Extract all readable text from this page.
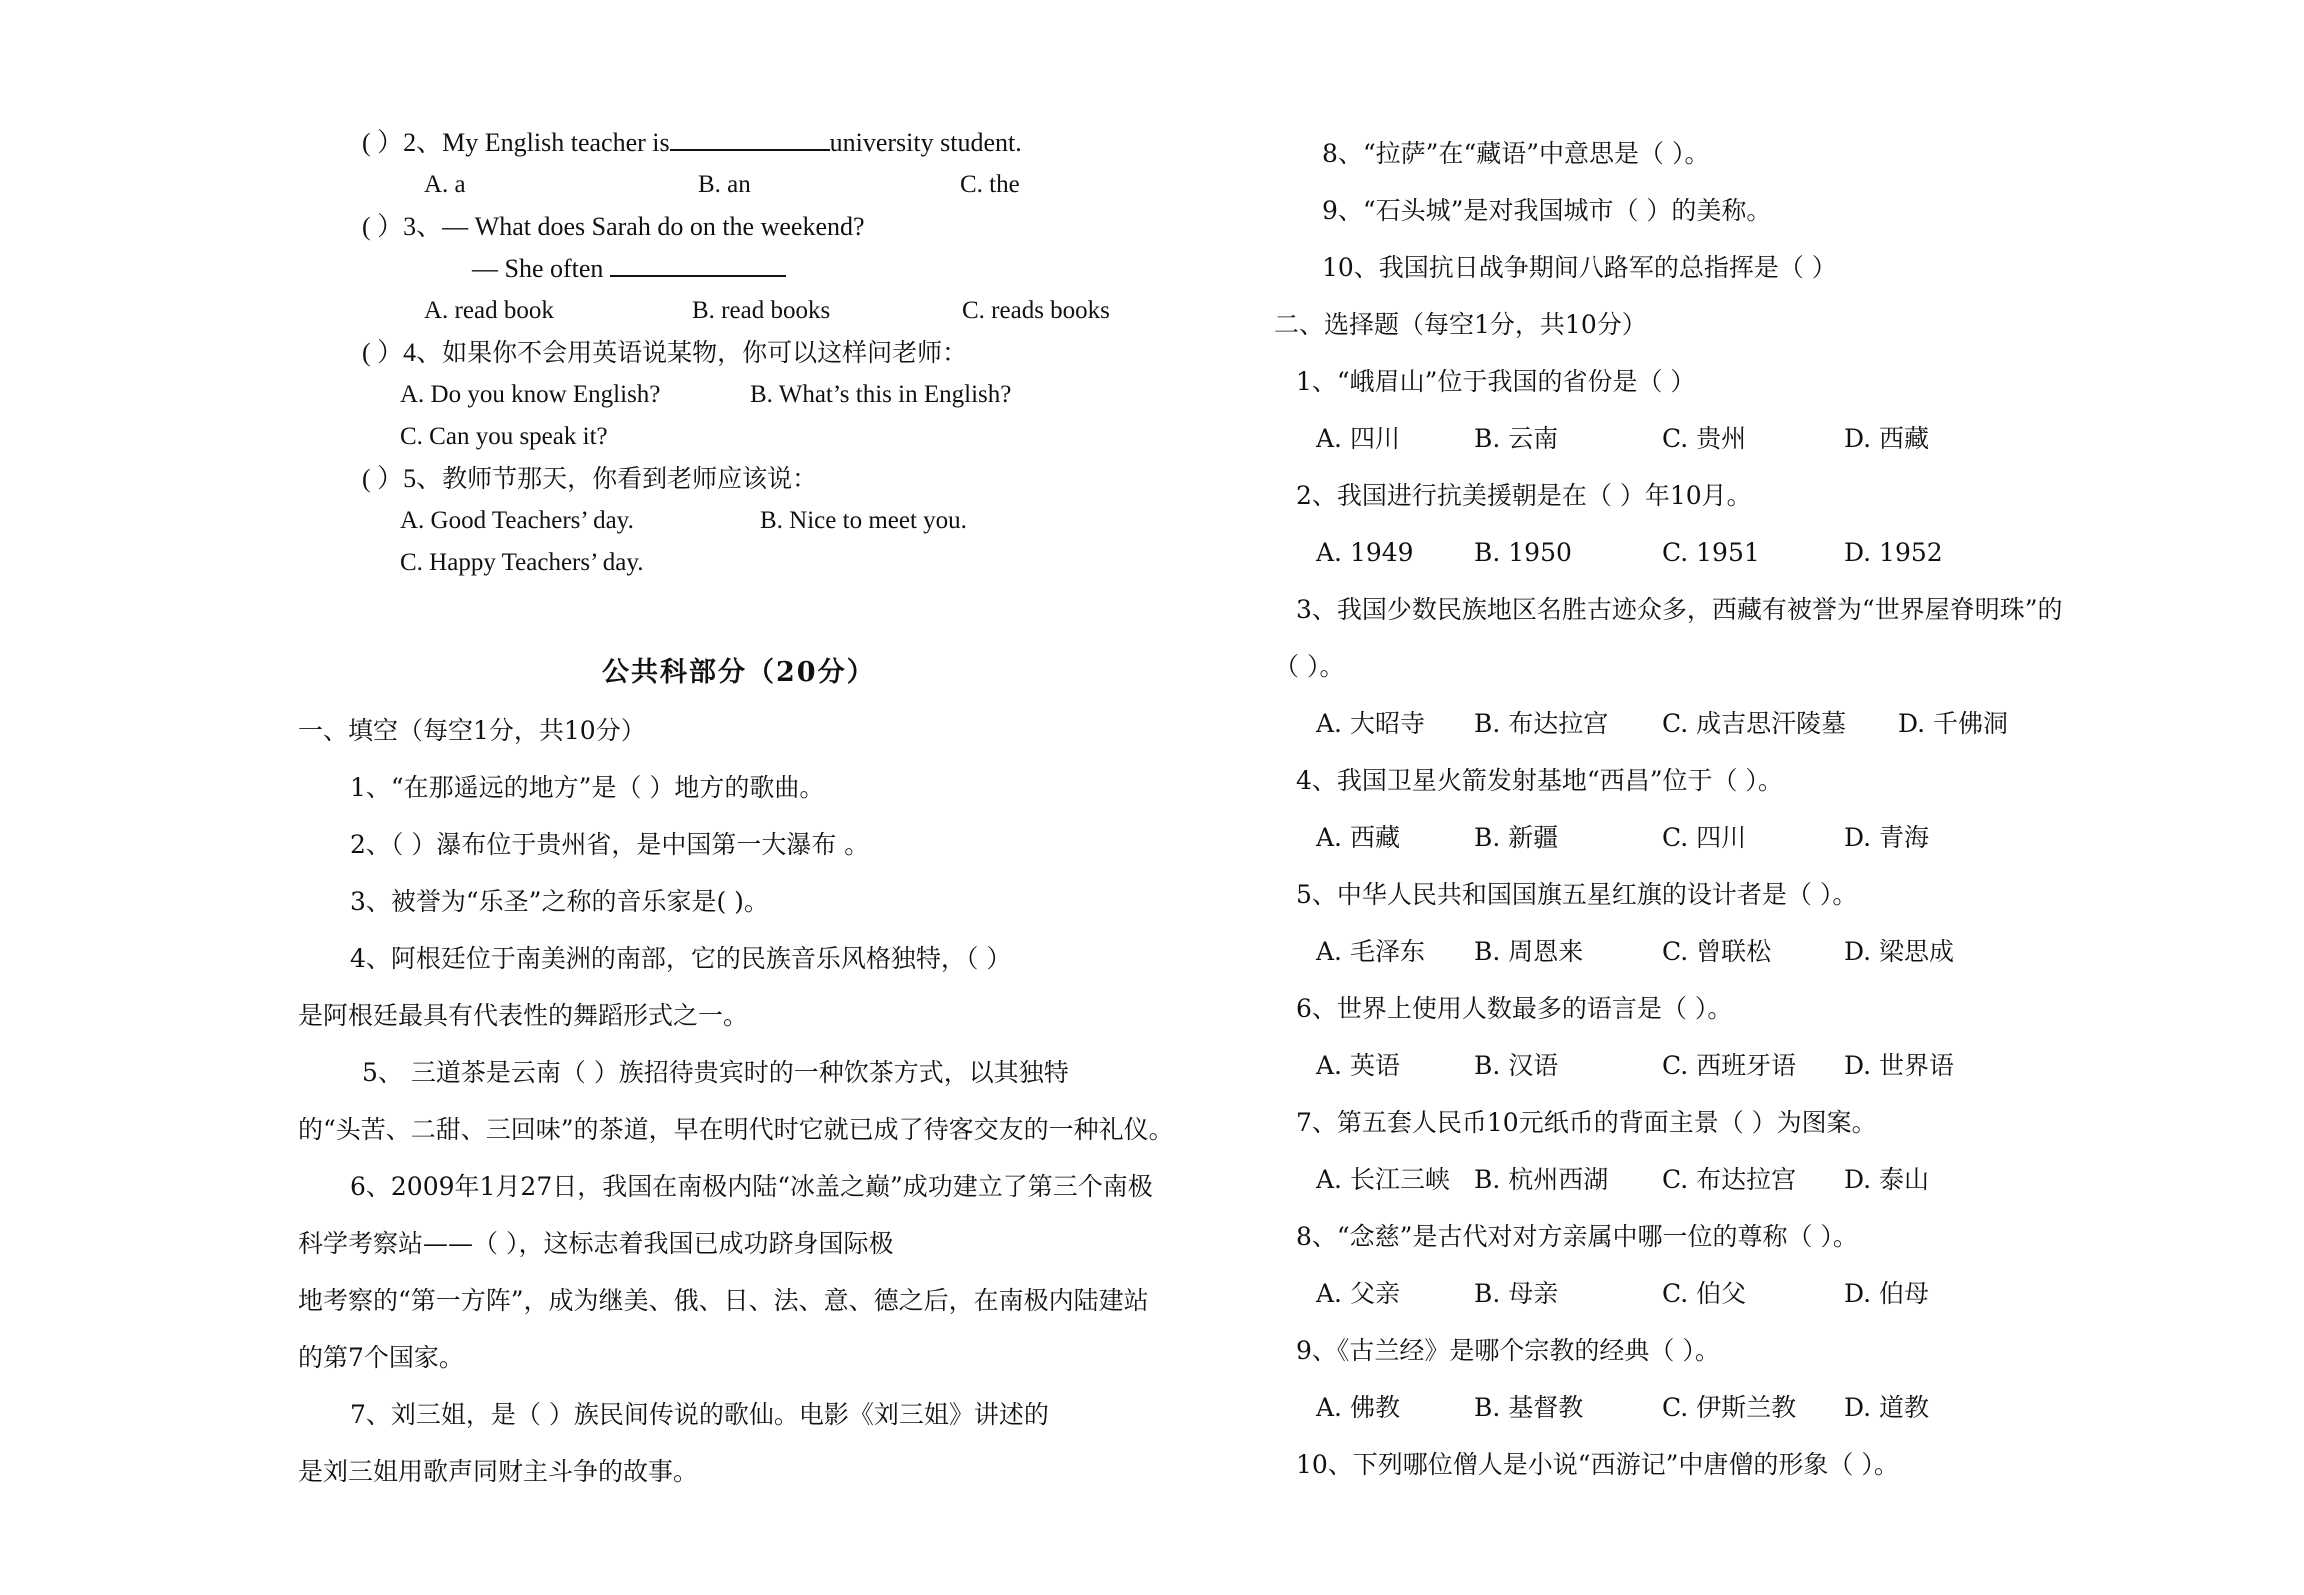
( ）2、My English teacher is	university student.
A. a	B. an	C. the
( ）3、— What does Sarah do on the weekend?
— She often
A. read book	B. read books	C. reads books
( ）4、如果你不会用英语说某物，你可以这样问老师：
A. Do you know English?	B. What’s this in English?
C. Can you speak it?
( ）5、教师节那天，你看到老师应该说：
A. Good Teachers’ day.	B. Nice to meet you.
C. Happy Teachers’ day.
公共科部分（20分）
一、填空（每空1分，共10分）
1、“在那遥远的地方”是（ ）地方的歌曲。
2、（ ）瀑布位于贵州省，是中国第一大瀑布 。
3、被誉为“乐圣”之称的音乐家是( )。
4、阿根廷位于南美洲的南部，它的民族音乐风格独特，（ ）
是阿根廷最具有代表性的舞蹈形式之一。
5、 三道茶是云南（ ）族招待贵宾时的一种饮茶方式，以其独特
的“头苦、二甜、三回味”的茶道，早在明代时它就已成了待客交友的一种礼仪。
6、2009年1月27日，我国在南极内陆“冰盖之巅”成功建立了第三个南极
科学考察站——（ ），这标志着我国已成功跻身国际极
地考察的“第一方阵”，成为继美、俄、日、法、意、德之后，在南极内陆建站
的第7个国家。
7、刘三姐，是（ ）族民间传说的歌仙。电影《刘三姐》讲述的
是刘三姐用歌声同财主斗争的故事。
8、“拉萨”在“藏语”中意思是（ ）。
9、“石头城”是对我国城市（ ）的美称。
10、我国抗日战争期间八路军的总指挥是（ ）
二、选择题（每空1分，共10分）
1、“峨眉山”位于我国的省份是（ ）
A. 四川	B. 云南	C. 贵州	D. 西藏
2、我国进行抗美援朝是在（ ）年10月。
A. 1949 B. 1950	C. 1951	D. 1952
3、我国少数民族地区名胜古迹众多，西藏有被誉为“世界屋脊明珠”的
（ ）。
A. 大昭寺 B. 布达拉宫 C. 成吉思汗陵墓 D. 千佛洞
4、我国卫星火箭发射基地“西昌”位于（ ）。
A. 西藏	B. 新疆	C. 四川	D. 青海
5、中华人民共和国国旗五星红旗的设计者是（ ）。
A. 毛泽东 B. 周恩来	C. 曾联松	D. 梁思成
6、世界上使用人数最多的语言是（ ）。
A. 英语	B. 汉语	C. 西班牙语 D. 世界语
7、第五套人民币10元纸币的背面主景（ ）为图案。
A. 长江三峡 B. 杭州西湖 C. 布达拉宫 D. 泰山
8、“念慈”是古代对对方亲属中哪一位的尊称（ ）。
A. 父亲	B. 母亲	C. 伯父	D. 伯母
9、《古兰经》是哪个宗教的经典（ ）。
A. 佛教	B. 基督教	C. 伊斯兰教 D. 道教
10、下列哪位僧人是小说“西游记”中唐僧的形象（ ）。
